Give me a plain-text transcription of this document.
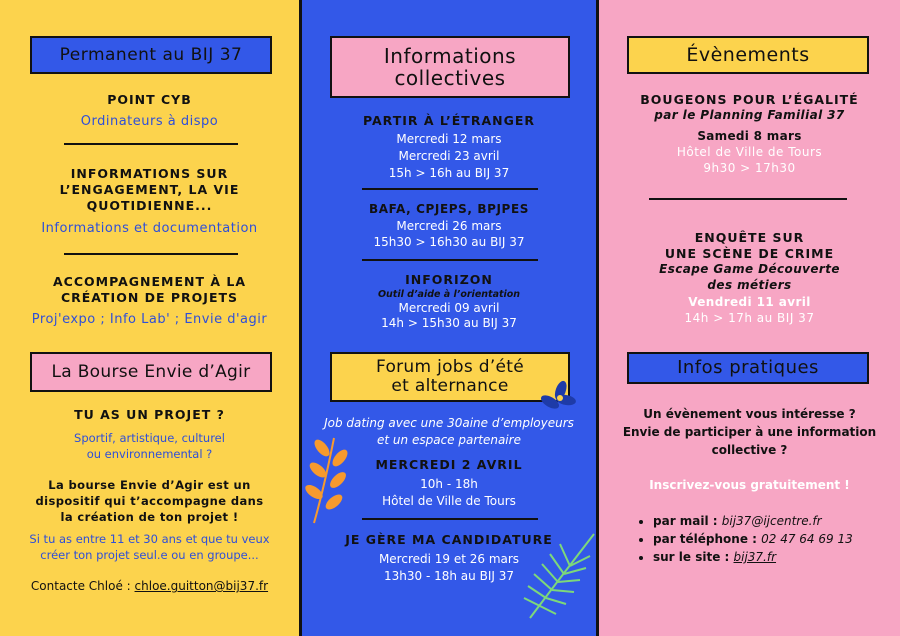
Permanent au BIJ 37

POINT CYB

Ordinateurs à dispo

INFORMATIONS SUR

L’ENGAGEMENT, LA VIE

QUOTIDIENNE...

Informations et documentation

ACCOMPAGNEMENT À LA

CRÉATION DE PROJETS

Proj'expo ; Info Lab' ; Envie d'agir

La Bourse Envie d’Agir

TU AS UN PROJET ?

Sportif, artistique, culturel

ou environnemental ?

La bourse Envie d’Agir est un

dispositif qui t’accompagne dans

la création de ton projet !

Si tu as entre 11 et 30 ans et que tu veux

créer ton projet seul.e ou en groupe...

Contacte Chloé : chloe.guitton@bij37.fr

Informations
collectives

PARTIR À L’ÉTRANGER

Mercredi 12 mars

Mercredi 23 avril

15h > 16h au BIJ 37

BAFA, CPJEPS, BPJPES

Mercredi 26 mars

15h30 > 16h30 au BIJ 37

INFORIZON

Outil d’aide à l’orientation

Mercredi 09 avril

14h > 15h30 au BIJ 37

Forum jobs d’été
et alternance

Job dating avec une 30aine d’employeurs

et un espace partenaire

MERCREDI 2 AVRIL

10h - 18h

Hôtel de Ville de Tours

JE GÈRE MA CANDIDATURE

Mercredi 19 et 26 mars

13h30 - 18h au BIJ 37

Évènements

BOUGEONS POUR L’ÉGALITÉ

par le Planning Familial 37

Samedi 8 mars

Hôtel de Ville de Tours

9h30 > 17h30

ENQUÊTE SUR

UNE SCÈNE DE CRIME

Escape Game Découverte

des métiers

Vendredi 11 avril

14h > 17h au BIJ 37

Infos pratiques

Un évènement vous intéresse ?

Envie de participer à une information

collective ?

Inscrivez-vous gratuitement !

• par mail : bij37@ijcentre.fr
• par téléphone : 02 47 64 69 13
• sur le site : bij37.fr
